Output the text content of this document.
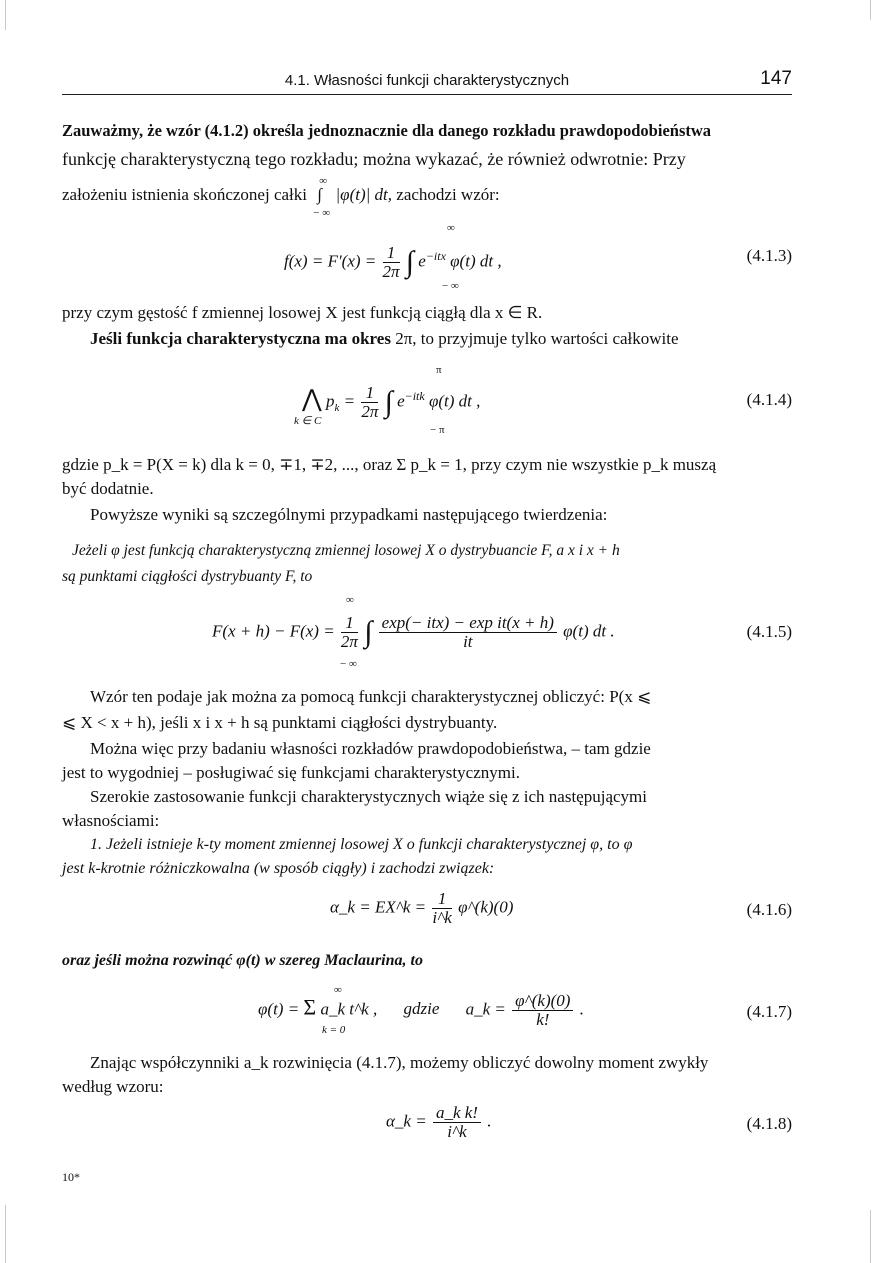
4.1. Własności funkcji charakterystycznych	147
Zauważmy, że wzór (4.1.2) określa jednoznacznie dla danego rozkładu prawdopodobieństwa
funkcję charakterystyczną tego rozkładu; można wykazać, że również odwrotnie: Przy
założeniu istnienia skończonej całki
∞
∫
− ∞
|φ(t)| dt, zachodzi wzór:
$f(x) = F'(x) = \frac{1}{2\pi}$ ∫ $e^{-itx}$ φ(t) dt ,
∞
− ∞
(4.1.3)
przy czym gęstość f zmiennej losowej X jest funkcją ciągłą dla x ∈ R.
Jeśli funkcja charakterystyczna ma okres 2π, to przyjmuje tylko wartości całkowite
⋀ $p_k = \frac{1}{2\pi}$ ∫ $e^{-itk}$ φ(t) dt ,
k ∈ C
π
− π
(4.1.4)
gdzie p_k = P(X = k) dla k = 0, ∓1, ∓2, ..., oraz Σ p_k = 1, przy czym nie wszystkie p_k muszą
być dodatnie.
Powyższe wyniki są szczególnymi przypadkami następującego twierdzenia:
Jeżeli φ jest funkcją charakterystyczną zmiennej losowej X o dystrybuancie F, a x i x + h
są punktami ciągłości dystrybuanty F, to
$F(x + h) - F(x) = \frac{1}{2\pi}$ ∫ $\frac{\text{exp(− itx) − exp it(x + h)}}{it} \varphi(t)$ dt .
∞
− ∞
(4.1.5)
Wzór ten podaje jak można za pomocą funkcji charakterystycznej obliczyć: P(x ⩽
⩽ X < x + h), jeśli x i x + h są punktami ciągłości dystrybuanty.
Można więc przy badaniu własności rozkładów prawdopodobieństwa, – tam gdzie
jest to wygodniej – posługiwać się funkcjami charakterystycznymi.
Szerokie zastosowanie funkcji charakterystycznych wiąże się z ich następującymi
własnościami:
1. Jeżeli istnieje k-ty moment zmiennej losowej X o funkcji charakterystycznej φ, to φ
jest k-krotnie różniczkowalna (w sposób ciągły) i zachodzi związek:
α_k = EX^k = $\frac{1}{i\^{}k}$ φ^(k)(0)	(4.1.6)
oraz jeśli można rozwinąć φ(t) w szereg Maclaurina, to
φ(t) = Σ a_k t^k , gdzie a_k = $\frac{\varphi\^{}(k)(0)}{k!}$ .
∞
k = 0
(4.1.7)
Znając współczynniki a_k rozwinięcia (4.1.7), możemy obliczyć dowolny moment zwykły
według wzoru:
α_k = $\frac{\text{a\_k k!}}{i\^{}k}$ .	(4.1.8)
10*
